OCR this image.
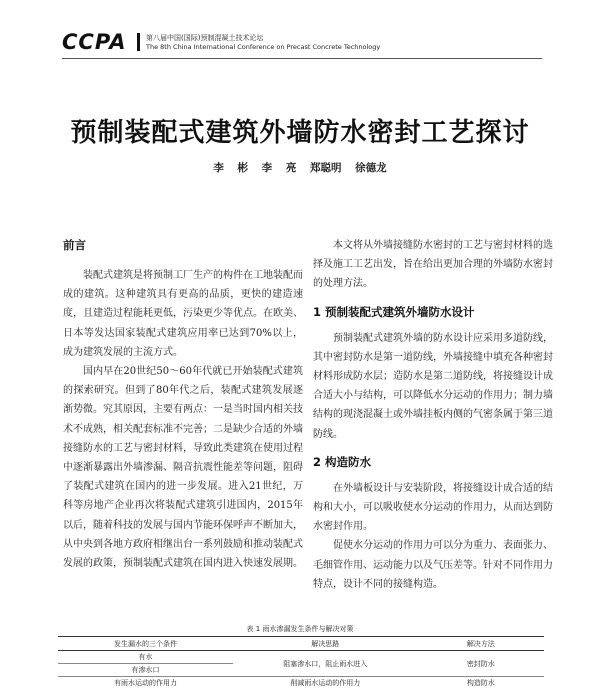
CCPA	第八届中国(国际)预制混凝土技术论坛
The 8th China International Conference on Precast Concrete Technology
预制装配式建筑外墙防水密封工艺探讨
李 彬 李 亮 郑聪明 徐德龙
前言

装配式建筑是将预制工厂生产的构件在工地装配而成的建筑。这种建筑具有更高的品质，更快的建造速度，且建造过程能耗更低，污染更少等优点。在欧美、日本等发达国家装配式建筑应用率已达到70%以上，成为建筑发展的主流方式。

国内早在20世纪50～60年代就已开始装配式建筑的探索研究。但到了80年代之后，装配式建筑发展逐渐势微。究其原因，主要有两点：一是当时国内相关技术不成熟，相关配套标准不完善；二是缺少合适的外墙接缝防水的工艺与密封材料，导致此类建筑在使用过程中逐渐暴露出外墙渗漏、隔音抗震性能差等问题，阻碍了装配式建筑在国内的进一步发展。进入21世纪，万科等房地产企业再次将装配式建筑引进国内，2015年以后，随着科技的发展与国内节能环保呼声不断加大，从中央到各地方政府相继出台一系列鼓励和推动装配式发展的政策，预制装配式建筑在国内进入快速发展期。

本文将从外墙接缝防水密封的工艺与密封材料的选择及施工工艺出发，旨在给出更加合理的外墙防水密封的处理方法。

1 预制装配式建筑外墙防水设计

预制装配式建筑外墙的防水设计应采用多道防线，其中密封防水是第一道防线，外墙接缝中填充各种密封材料形成防水层；造防水是第二道防线，将接缝设计成合适大小与结构，可以降低水分运动的作用力；制力墙结构的现浇混凝土或外墙挂板内侧的气密条属于第三道防线。

2 构造防水

在外墙板设计与安装阶段，将接缝设计成合适的结构和大小，可以吸收使水分运动的作用力，从而达到防水密封作用。

促使水分运动的作用力可以分为重力、表面张力、毛细管作用、运动能力以及气压差等。针对不同作用力特点，设计不同的接缝构造。

表 1 雨水渗漏发生条件与解决对策
发生漏水的三个条件	解决思路	解决方法
有水	阻塞渗水口，阻止雨水进入	密封防水
有渗水口		
有雨水运动的作用力	削减雨水运动的作用力	构造防水
